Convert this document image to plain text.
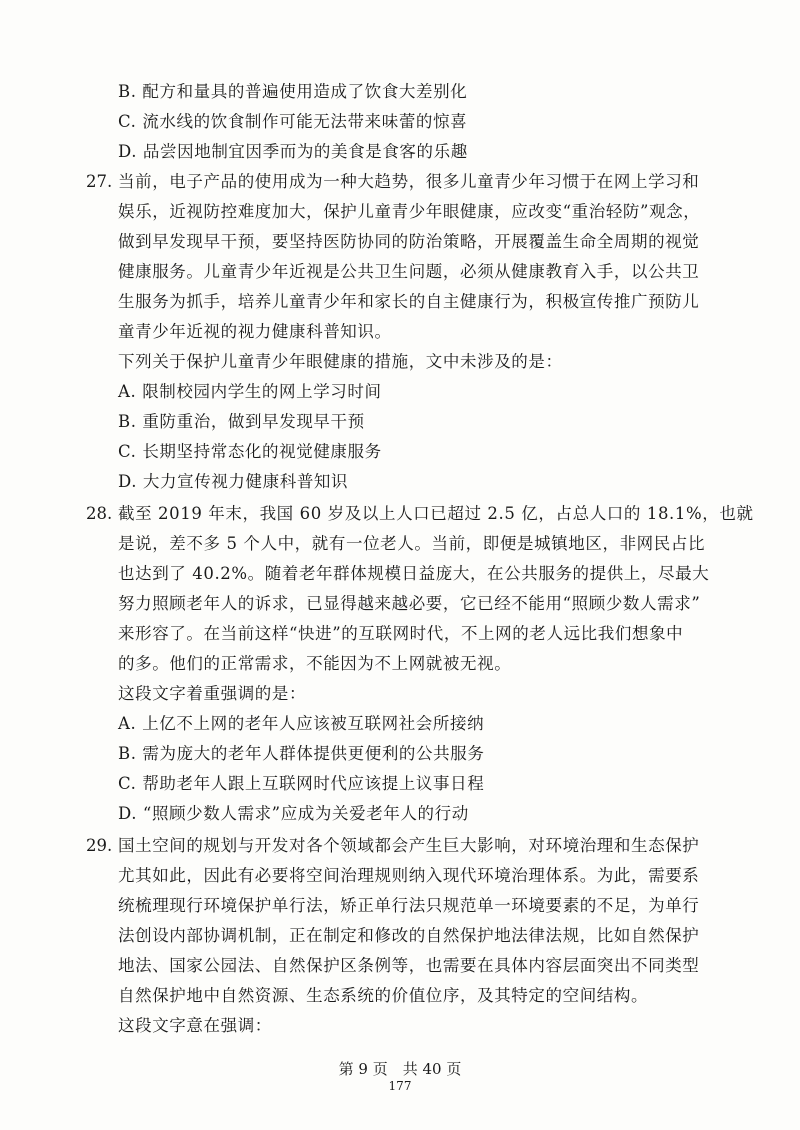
B. 配方和量具的普遍使用造成了饮食大差别化
C. 流水线的饮食制作可能无法带来味蕾的惊喜
D. 品尝因地制宜因季而为的美食是食客的乐趣
27. 当前，电子产品的使用成为一种大趋势，很多儿童青少年习惯于在网上学习和
娱乐，近视防控难度加大，保护儿童青少年眼健康，应改变“重治轻防”观念，
做到早发现早干预，要坚持医防协同的防治策略，开展覆盖生命全周期的视觉
健康服务。儿童青少年近视是公共卫生问题，必须从健康教育入手，以公共卫
生服务为抓手，培养儿童青少年和家长的自主健康行为，积极宣传推广预防儿
童青少年近视的视力健康科普知识。
下列关于保护儿童青少年眼健康的措施，文中未涉及的是：
A. 限制校园内学生的网上学习时间
B. 重防重治，做到早发现早干预
C. 长期坚持常态化的视觉健康服务
D. 大力宣传视力健康科普知识
28. 截至 2019 年末，我国 60 岁及以上人口已超过 2.5 亿，占总人口的 18.1%，也就
是说，差不多 5 个人中，就有一位老人。当前，即便是城镇地区，非网民占比
也达到了 40.2%。随着老年群体规模日益庞大，在公共服务的提供上，尽最大
努力照顾老年人的诉求，已显得越来越必要，它已经不能用“照顾少数人需求”
来形容了。在当前这样“快进”的互联网时代，不上网的老人远比我们想象中
的多。他们的正常需求，不能因为不上网就被无视。
这段文字着重强调的是：
A. 上亿不上网的老年人应该被互联网社会所接纳
B. 需为庞大的老年人群体提供更便利的公共服务
C. 帮助老年人跟上互联网时代应该提上议事日程
D. “照顾少数人需求”应成为关爱老年人的行动
29. 国土空间的规划与开发对各个领域都会产生巨大影响，对环境治理和生态保护
尤其如此，因此有必要将空间治理规则纳入现代环境治理体系。为此，需要系
统梳理现行环境保护单行法，矫正单行法只规范单一环境要素的不足，为单行
法创设内部协调机制，正在制定和修改的自然保护地法律法规，比如自然保护
地法、国家公园法、自然保护区条例等，也需要在具体内容层面突出不同类型
自然保护地中自然资源、生态系统的价值位序，及其特定的空间结构。
这段文字意在强调：
第 9 页　共 40 页
177
